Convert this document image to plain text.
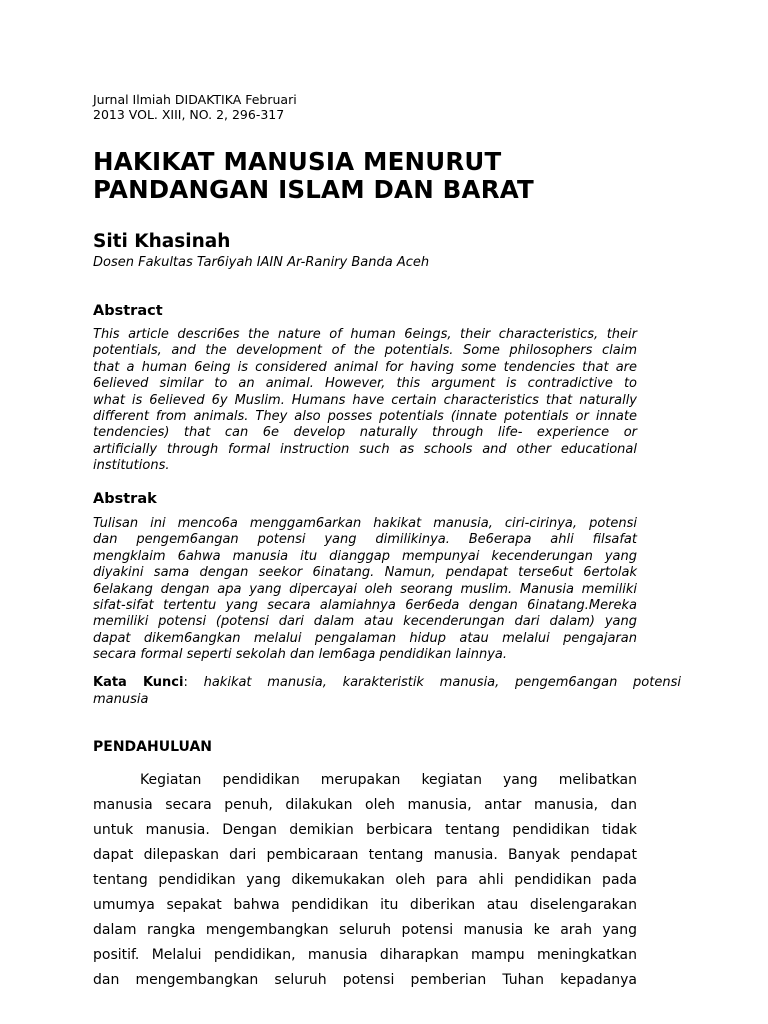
Jurnal Ilmiah DIDAKTIKA Februari
2013 VOL. XIII, NO. 2, 296-317
HAKIKAT MANUSIA MENURUT
PANDANGAN ISLAM DAN BARAT
Siti Khasinah
Dosen Fakultas Tar6iyah IAIN Ar-Raniry Banda Aceh
Abstract
This article descri6es the nature of human 6eings, their characteristics, their
potentials, and the development of the potentials. Some philosophers claim
that a human 6eing is considered animal for having some tendencies that are
6elieved similar to an animal. However, this argument is contradictive to
what is 6elieved 6y Muslim. Humans have certain characteristics that naturally
different from animals. They also posses potentials (innate potentials or innate
tendencies) that can 6e develop naturally through life- experience or
artificially through formal instruction such as schools and other educational
institutions.
Abstrak
Tulisan ini menco6a menggam6arkan hakikat manusia, ciri-cirinya, potensi
dan pengem6angan potensi yang dimilikinya. Be6erapa ahli filsafat
mengklaim 6ahwa manusia itu dianggap mempunyai kecenderungan yang
diyakini sama dengan seekor 6inatang. Namun, pendapat terse6ut 6ertolak
6elakang dengan apa yang dipercayai oleh seorang muslim. Manusia memiliki
sifat-sifat tertentu yang secara alamiahnya 6er6eda dengan 6inatang.Mereka
memiliki potensi (potensi dari dalam atau kecenderungan dari dalam) yang
dapat dikem6angkan melalui pengalaman hidup atau melalui pengajaran
secara formal seperti sekolah dan lem6aga pendidikan lainnya.
Kata Kunci: hakikat manusia, karakteristik manusia, pengem6angan potensi
manusia
PENDAHULUAN
Kegiatan pendidikan merupakan kegiatan yang melibatkan
manusia secara penuh, dilakukan oleh manusia, antar manusia, dan
untuk manusia. Dengan demikian berbicara tentang pendidikan tidak
dapat dilepaskan dari pembicaraan tentang manusia. Banyak pendapat
tentang pendidikan yang dikemukakan oleh para ahli pendidikan pada
umumya sepakat bahwa pendidikan itu diberikan atau diselengarakan
dalam rangka mengembangkan seluruh potensi manusia ke arah yang
positif. Melalui pendidikan, manusia diharapkan mampu meningkatkan
dan mengembangkan seluruh potensi pemberian Tuhan kepadanya
